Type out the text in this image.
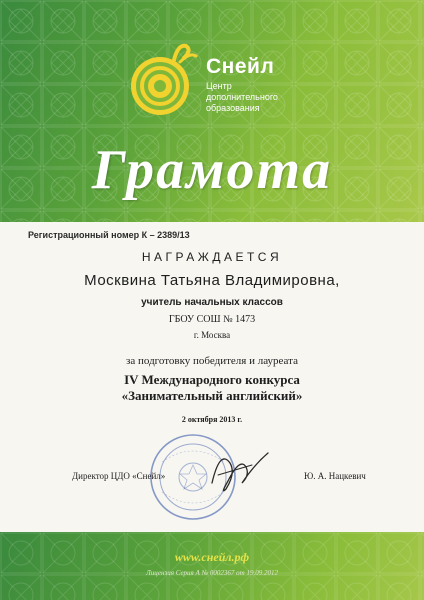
Снейл
Центр
дополнительного
образования
Грамота
Регистрационный номер К – 2389/13
НАГРАЖДАЕТСЯ
Москвина Татьяна Владимировна,
учитель начальных классов
ГБОУ СОШ № 1473
г. Москва
за подготовку победителя и лауреата
IV Международного конкурса
«Занимательный английский»
2 октября 2013 г.
Директор ЦДО «Снейл»	Ю. А. Нацкевич
www.снейл.рф
Лицензия Серия А № 0002367 от 19.09.2012
